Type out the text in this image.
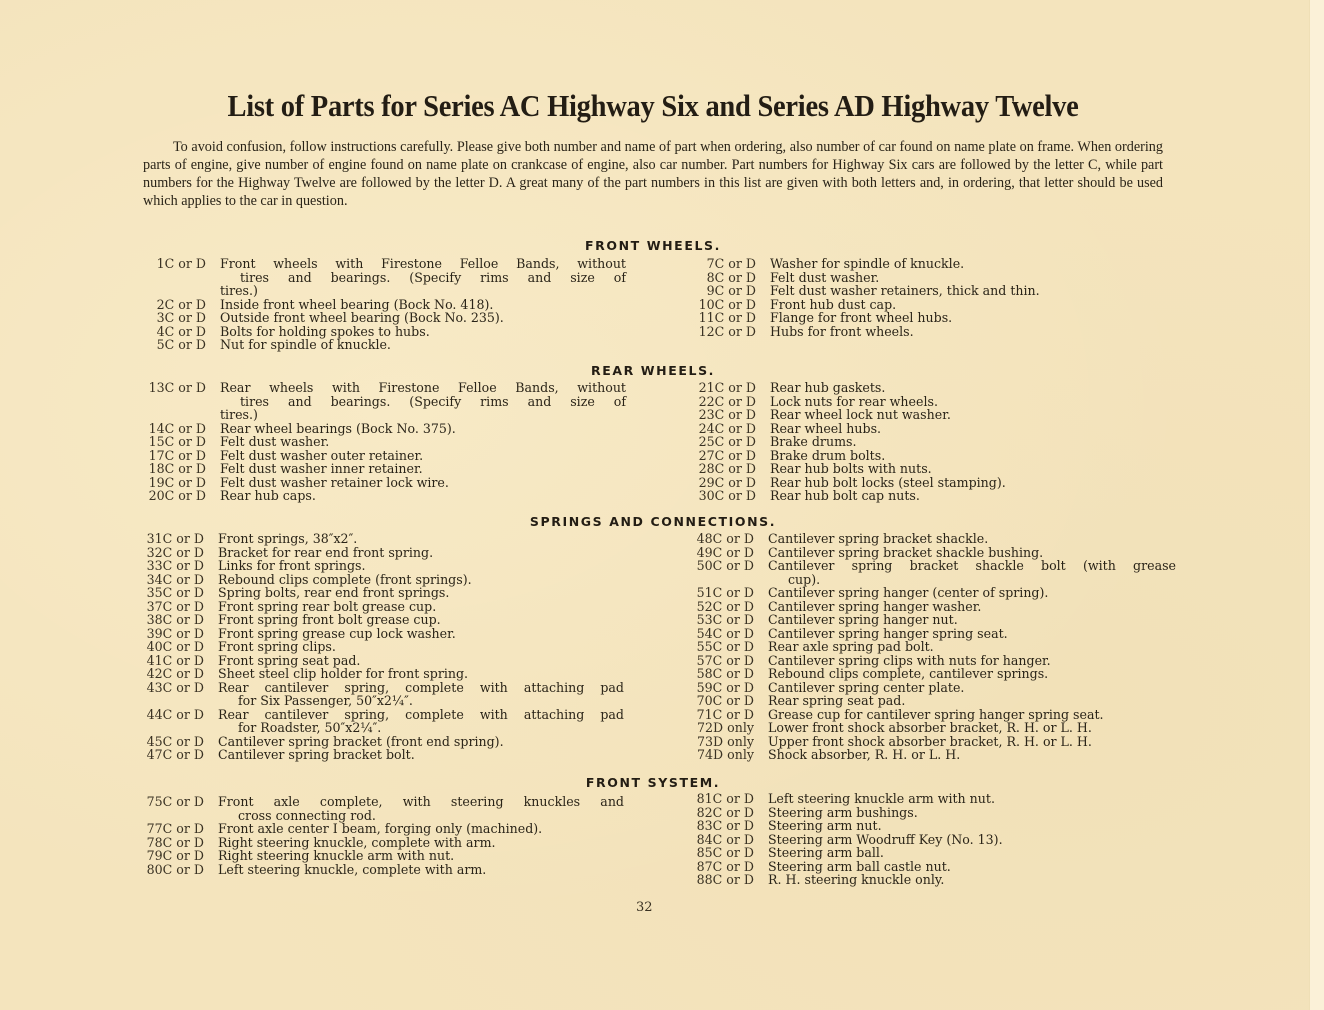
List of Parts for Series AC Highway Six and Series AD Highway Twelve
To avoid confusion, follow instructions carefully. Please give both number and name of part when ordering, also number of car found on name plate on frame. When ordering parts of engine, give number of engine found on name plate on crankcase of engine, also car number. Part numbers for Highway Six cars are followed by the letter C, while part numbers for the Highway Twelve are followed by the letter D. A great many of the part numbers in this list are given with both letters and, in ordering, that letter should be used which applies to the car in question.
FRONT WHEELS.
1C or D Front wheels with Firestone Felloe Bands, without
tires and bearings. (Specify rims and size of
tires.)
2C or D Inside front wheel bearing (Bock No. 418).
3C or D Outside front wheel bearing (Bock No. 235).
4C or D Bolts for holding spokes to hubs.
5C or D Nut for spindle of knuckle.
7C or D Washer for spindle of knuckle.
8C or D Felt dust washer.
9C or D Felt dust washer retainers, thick and thin.
10C or D Front hub dust cap.
11C or D Flange for front wheel hubs.
12C or D Hubs for front wheels.
REAR WHEELS.
13C or D Rear wheels with Firestone Felloe Bands, without
tires and bearings. (Specify rims and size of
tires.)
14C or D Rear wheel bearings (Bock No. 375).
15C or D Felt dust washer.
17C or D Felt dust washer outer retainer.
18C or D Felt dust washer inner retainer.
19C or D Felt dust washer retainer lock wire.
20C or D Rear hub caps.
21C or D Rear hub gaskets.
22C or D Lock nuts for rear wheels.
23C or D Rear wheel lock nut washer.
24C or D Rear wheel hubs.
25C or D Brake drums.
27C or D Brake drum bolts.
28C or D Rear hub bolts with nuts.
29C or D Rear hub bolt locks (steel stamping).
30C or D Rear hub bolt cap nuts.
SPRINGS AND CONNECTIONS.
31C or D Front springs, 38″x2″.
32C or D Bracket for rear end front spring.
33C or D Links for front springs.
34C or D Rebound clips complete (front springs).
35C or D Spring bolts, rear end front springs.
37C or D Front spring rear bolt grease cup.
38C or D Front spring front bolt grease cup.
39C or D Front spring grease cup lock washer.
40C or D Front spring clips.
41C or D Front spring seat pad.
42C or D Sheet steel clip holder for front spring.
43C or D Rear cantilever spring, complete with attaching pad
for Six Passenger, 50″x2¼″.
44C or D Rear cantilever spring, complete with attaching pad
for Roadster, 50″x2¼″.
45C or D Cantilever spring bracket (front end spring).
47C or D Cantilever spring bracket bolt.
48C or D Cantilever spring bracket shackle.
49C or D Cantilever spring bracket shackle bushing.
50C or D Cantilever spring bracket shackle bolt (with grease
cup).
51C or D Cantilever spring hanger (center of spring).
52C or D Cantilever spring hanger washer.
53C or D Cantilever spring hanger nut.
54C or D Cantilever spring hanger spring seat.
55C or D Rear axle spring pad bolt.
57C or D Cantilever spring clips with nuts for hanger.
58C or D Rebound clips complete, cantilever springs.
59C or D Cantilever spring center plate.
70C or D Rear spring seat pad.
71C or D Grease cup for cantilever spring hanger spring seat.
72D only Lower front shock absorber bracket, R. H. or L. H.
73D only Upper front shock absorber bracket, R. H. or L. H.
74D only Shock absorber, R. H. or L. H.
FRONT SYSTEM.
75C or D Front axle complete, with steering knuckles and
cross connecting rod.
77C or D Front axle center I beam, forging only (machined).
78C or D Right steering knuckle, complete with arm.
79C or D Right steering knuckle arm with nut.
80C or D Left steering knuckle, complete with arm.
81C or D Left steering knuckle arm with nut.
82C or D Steering arm bushings.
83C or D Steering arm nut.
84C or D Steering arm Woodruff Key (No. 13).
85C or D Steering arm ball.
87C or D Steering arm ball castle nut.
88C or D R. H. steering knuckle only.
32
